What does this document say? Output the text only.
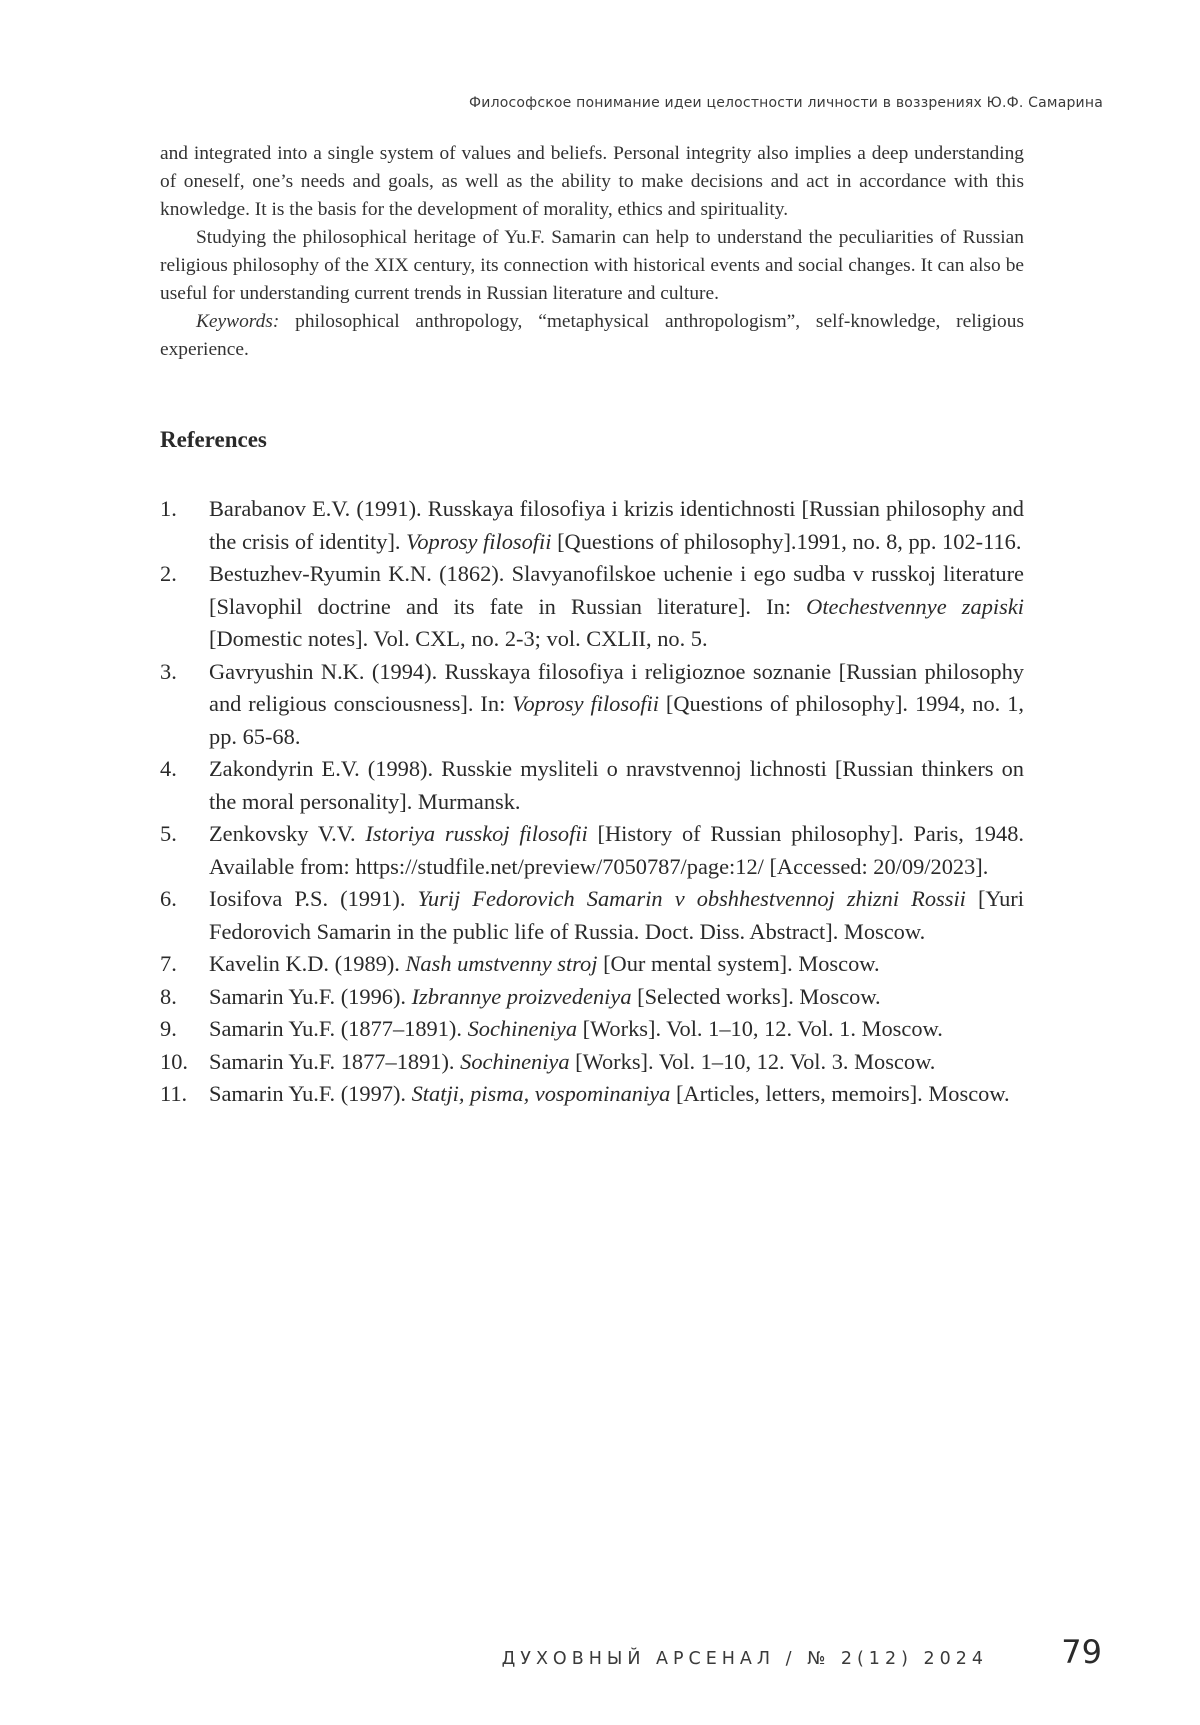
Философское понимание идеи целостности личности в воззрениях Ю.Ф. Самарина

and integrated into a single system of values and beliefs. Personal integrity also implies a deep understanding of oneself, one’s needs and goals, as well as the ability to make decisions and act in accordance with this knowledge. It is the basis for the development of morality, ethics and spirituality.

Studying the philosophical heritage of Yu.F. Samarin can help to understand the peculiarities of Russian religious philosophy of the XIX century, its connection with historical events and social changes. It can also be useful for understanding current trends in Russian literature and culture.

Keywords: philosophical anthropology, “metaphysical anthropologism”, self-knowledge, religious experience.

References
1. Barabanov E.V. (1991). Russkaya filosofiya i krizis identichnosti [Russian philosophy and the crisis of identity]. Voprosy filosofii [Questions of philosophy].1991, no. 8, pp. 102-116.
2. Bestuzhev-Ryumin K.N. (1862). Slavyanofilskoe uchenie i ego sudba v russkoj literature [Slavophil doctrine and its fate in Russian literature]. In: Otechestvennye zapiski [Domestic notes]. Vol. CXL, no. 2-3; vol. CXLII, no. 5.
3. Gavryushin N.K. (1994). Russkaya filosofiya i religioznoe soznanie [Russian philosophy and religious consciousness]. In: Voprosy filosofii [Questions of philosophy]. 1994, no. 1, pp. 65-68.
4. Zakondyrin E.V. (1998). Russkie mysliteli o nravstvennoj lichnosti [Russian thinkers on the moral personality]. Murmansk.
5. Zenkovsky V.V. Istoriya russkoj filosofii [History of Russian philosophy]. Paris, 1948. Available from: https://studfile.net/preview/7050787/page:12/ [Accessed: 20/09/2023].
6. Iosifova P.S. (1991). Yurij Fedorovich Samarin v obshhestvennoj zhizni Rossii [Yuri Fedorovich Samarin in the public life of Russia. Doct. Diss. Abstract]. Moscow.
7. Kavelin K.D. (1989). Nash umstvenny stroj [Our mental system]. Moscow.
8. Samarin Yu.F. (1996). Izbrannye proizvedeniya [Selected works]. Moscow.
9. Samarin Yu.F. (1877–1891). Sochineniya [Works]. Vol. 1–10, 12. Vol. 1. Moscow.
10. Samarin Yu.F. 1877–1891). Sochineniya [Works]. Vol. 1–10, 12. Vol. 3. Moscow.
11. Samarin Yu.F. (1997). Statji, pisma, vospominaniya [Articles, letters, memoirs]. Moscow.
ДУХОВНЫЙ АРСЕНАЛ / № 2(12) 2024 79
